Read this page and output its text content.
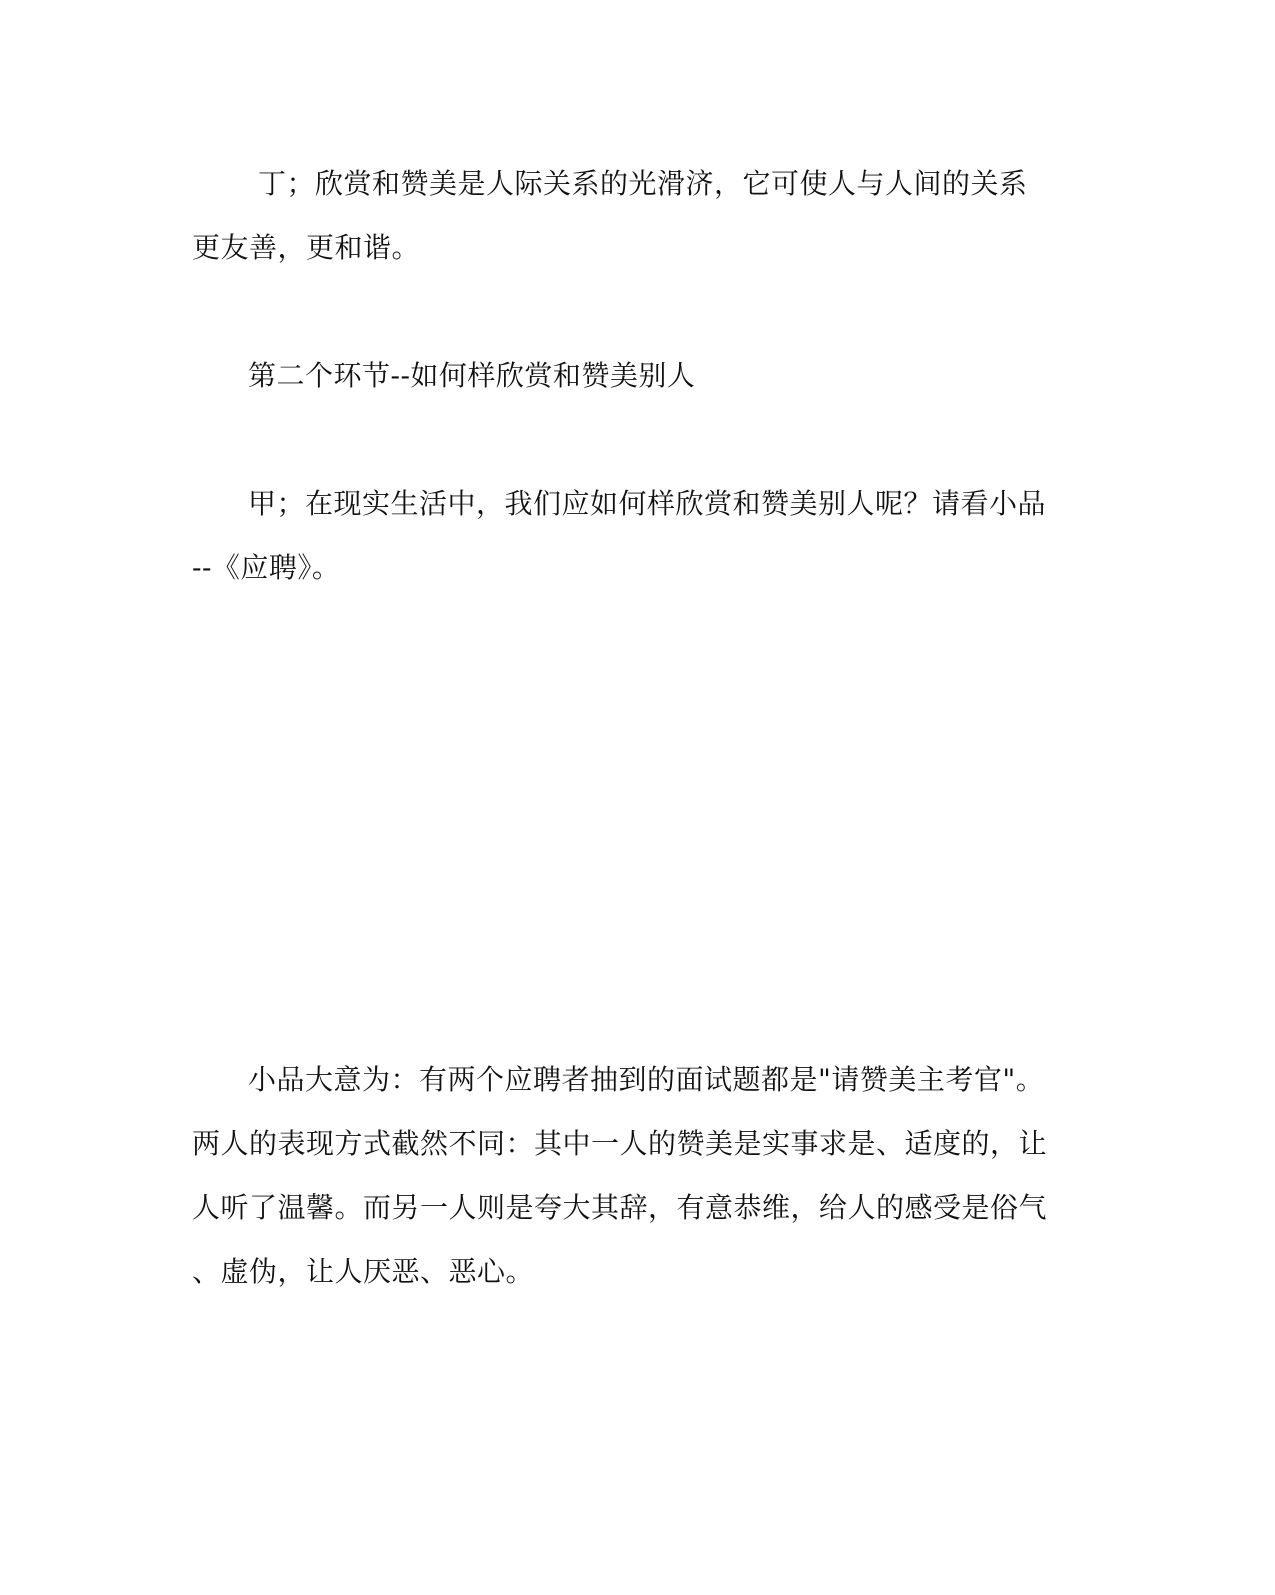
丁；欣赏和赞美是人际关系的光滑济，它可使人与人间的关系

更友善，更和谐。

第二个环节--如何样欣赏和赞美别人

甲；在现实生活中，我们应如何样欣赏和赞美别人呢？请看小品

--《应聘》。

小品大意为：有两个应聘者抽到的面试题都是"请赞美主考官"。

两人的表现方式截然不同：其中一人的赞美是实事求是、适度的，让

人听了温馨。而另一人则是夸大其辞，有意恭维，给人的感受是俗气

、虚伪，让人厌恶、恶心。
